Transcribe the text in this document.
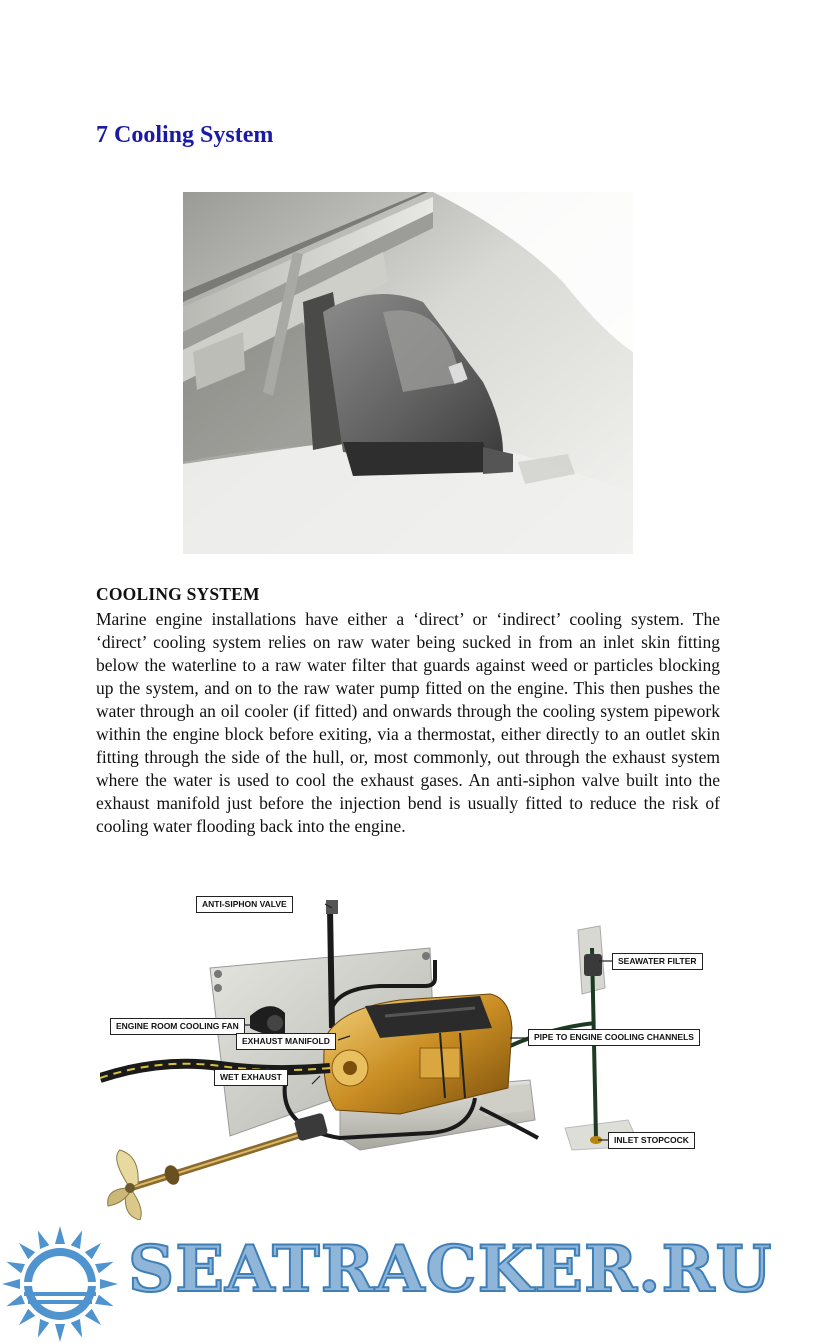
7 Cooling System
COOLING SYSTEM

Marine engine installations have either a ‘direct’ or ‘indirect’ cooling system. The ‘direct’ cooling system relies on raw water being sucked in from an inlet skin fitting below the waterline to a raw water filter that guards against weed or particles blocking up the system, and on to the raw water pump fitted on the engine. This then pushes the water through an oil cooler (if fitted) and onwards through the cooling system pipework within the engine block before exiting, via a thermostat, either directly to an outlet skin fitting through the side of the hull, or, most commonly, out through the exhaust system where the water is used to cool the exhaust gases. An anti-siphon valve built into the exhaust manifold just before the injection bend is usually fitted to reduce the risk of cooling water flooding back into the engine.

ANTI-SIPHON VALVE
SEAWATER FILTER
ENGINE ROOM COOLING FAN
EXHAUST MANIFOLD	PIPE TO ENGINE COOLING CHANNELS
WET EXHAUST
INLET STOPCOCK
SEATRACKER.RU
